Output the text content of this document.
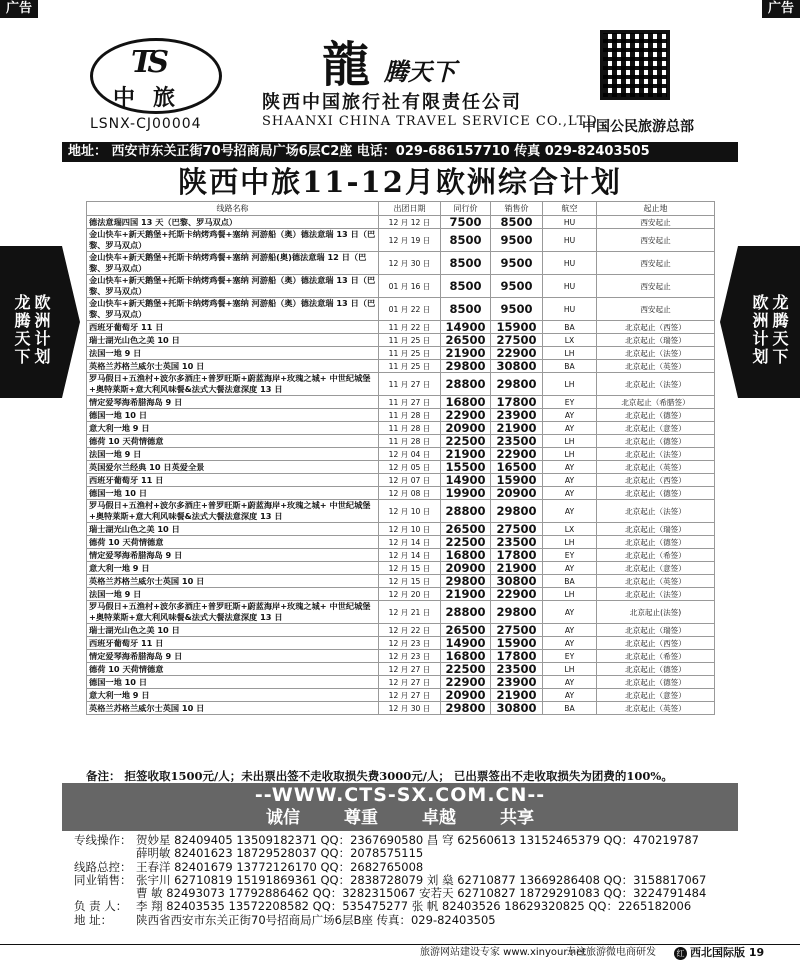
广告	广告
TS
中旅
LSNX-CJ00004
龍 腾天下
陕西中国旅行社有限责任公司
SHAANXI CHINA TRAVEL SERVICE CO.,LTD
中国公民旅游总部
地址： 西安市东关正街70号招商局广场6层C2座 电话：029-686157710 传真 029-82403505
陕西中旅11-12月欧洲综合计划
龙腾天下 欧洲计划	欧洲计划 龙腾天下
线路名称	出团日期	同行价	销售价	航空	起止地
德法意瑞四国 13 天（巴黎、罗马双点）	12 月 12 日	7500	8500	HU	西安起止
金山快车+新天鹅堡+托斯卡纳烤鸡餐+塞纳 河游船（奥）德法意瑞 13 日（巴黎、罗马双点）	12 月 19 日	8500	9500	HU	西安起止
金山快车+新天鹅堡+托斯卡纳烤鸡餐+塞纳 河游船(奥)德法意瑞 12 日（巴黎、罗马双点）	12 月 30 日	8500	9500	HU	西安起止
金山快车+新天鹅堡+托斯卡纳烤鸡餐+塞纳 河游船（奥）德法意瑞 13 日（巴黎、罗马双点）	01 月 16 日	8500	9500	HU	西安起止
金山快车+新天鹅堡+托斯卡纳烤鸡餐+塞纳 河游船（奥）德法意瑞 13 日（巴黎、罗马双点）	01 月 22 日	8500	9500	HU	西安起止
西班牙葡萄牙 11 日	11 月 22 日	14900	15900	BA	北京起止（西签）
瑞士湖光山色之美 10 日	11 月 25 日	26500	27500	LX	北京起止（瑞签）
法国一地 9 日	11 月 25 日	21900	22900	LH	北京起止（法签）
英格兰苏格兰威尔士英国 10 日	11 月 25 日	29800	30800	BA	北京起止（英签）
罗马假日+五渔村+波尔多酒庄+普罗旺斯+蔚蓝海岸+玫瑰之城+ 中世纪城堡+奥特莱斯+意大利风味餐&法式大餐法意深度 13 日	11 月 27 日	28800	29800	LH	北京起止（法签）
情定爱琴海希腊海岛 9 日	11 月 27 日	16800	17800	EY	北京起止（希腊签）
德国一地 10 日	11 月 28 日	22900	23900	AY	北京起止（德签）
意大利一地 9 日	11 月 28 日	20900	21900	AY	北京起止（意签）
德荷 10 天荷情德意	11 月 28 日	22500	23500	LH	北京起止（德签）
法国一地 9 日	12 月 04 日	21900	22900	LH	北京起止（法签）
英国爱尔兰经典 10 日英爱全景	12 月 05 日	15500	16500	AY	北京起止（英签）
西班牙葡萄牙 11 日	12 月 07 日	14900	15900	AY	北京起止（西签）
德国一地 10 日	12 月 08 日	19900	20900	AY	北京起止（德签）
罗马假日+五渔村+波尔多酒庄+普罗旺斯+蔚蓝海岸+玫瑰之城+ 中世纪城堡+奥特莱斯+意大利风味餐&法式大餐法意深度 13 日	12 月 10 日	28800	29800	AY	北京起止（法签）
瑞士湖光山色之美 10 日	12 月 10 日	26500	27500	LX	北京起止（瑞签）
德荷 10 天荷情德意	12 月 14 日	22500	23500	LH	北京起止（德签）
情定爱琴海希腊海岛 9 日	12 月 14 日	16800	17800	EY	北京起止（希签）
意大利一地 9 日	12 月 15 日	20900	21900	AY	北京起止（意签）
英格兰苏格兰威尔士英国 10 日	12 月 15 日	29800	30800	BA	北京起止（英签）
法国一地 9 日	12 月 20 日	21900	22900	LH	北京起止（法签）
罗马假日+五渔村+波尔多酒庄+普罗旺斯+蔚蓝海岸+玫瑰之城+ 中世纪城堡+奥特莱斯+意大利风味餐&法式大餐法意深度 13 日	12 月 21 日	28800	29800	AY	北京起止(法签)
瑞士湖光山色之美 10 日	12 月 22 日	26500	27500	AY	北京起止（瑞签）
西班牙葡萄牙 11 日	12 月 23 日	14900	15900	AY	北京起止（西签）
情定爱琴海希腊海岛 9 日	12 月 23 日	16800	17800	EY	北京起止（希签）
德荷 10 天荷情德意	12 月 27 日	22500	23500	LH	北京起止（德签）
德国一地 10 日	12 月 27 日	22900	23900	AY	北京起止（德签）
意大利一地 9 日	12 月 27 日	20900	21900	AY	北京起止（意签）
英格兰苏格兰威尔士英国 10 日	12 月 30 日	29800	30800	BA	北京起止（英签）
备注： 拒签收取1500元/人；未出票出签不走收取损失费3000元/人； 已出票签出不走收取损失为团费的100%。
--WWW.CTS-SX.COM.CN--
诚信	尊重	卓越	共享
专线操作： 贺妙星 82409405 13509182371 QQ：2367690580 昌 穹 62560613 13152465379 QQ：470219787
薛明敏 82401623 18729528037 QQ：2078575115
线路总控： 王春洋 82401679 13772126170 QQ：2682765008
同业销售： 张宇川 62710819 15191869361 QQ：2838728079 刘 燊 62710877 13669286408 QQ：3158817067
曹 敏 82493073 17792886462 QQ：3282315067 安若天 62710827 18729291083 QQ：3224791484
负 责 人： 李 翔 82403535 13572208582 QQ：535475277 张 帆 82403526 18629320825 QQ：2265182006
地 址：	陕西省西安市东关正街70号招商局广场6层B座 传真：029-82403505
旅游网站建设专家 www.xinyour.net
专注旅游微电商研发	红 西北国际版 19
